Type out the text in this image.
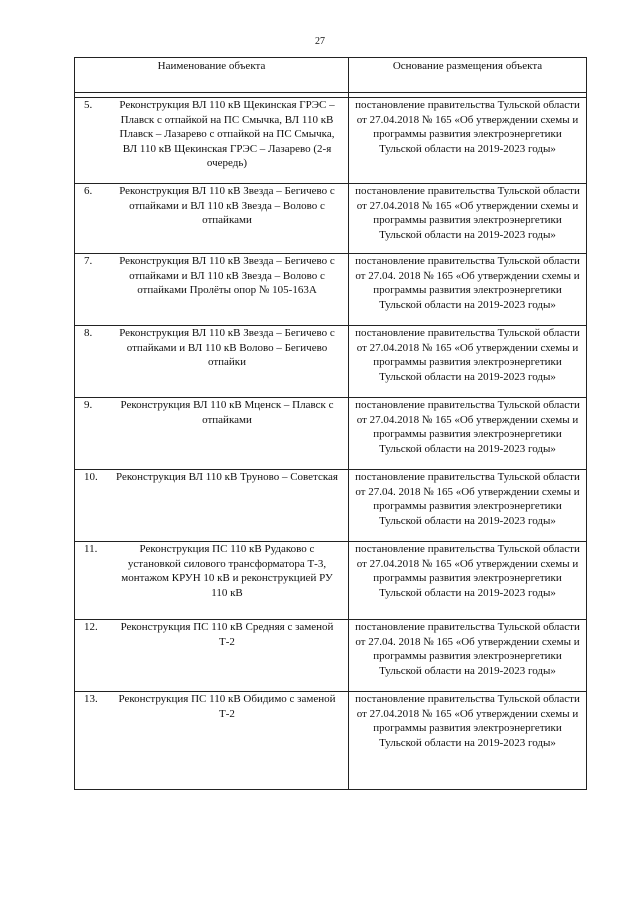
27
Наименование объекта	Основание размещения объекта

5. Реконструкция ВЛ 110 кВ Щекинская ГРЭС – Плавск с отпайкой на ПС Смычка, ВЛ 110 кВ Плавск – Лазарево с отпайкой на ПС Смычка, ВЛ 110 кВ Щекинская ГРЭС – Лазарево (2-я очередь)	постановление правительства Тульской области от 27.04.2018 № 165 «Об утверждении схемы и программы развития электроэнергетики Тульской области на 2019-2023 годы»

6. Реконструкция ВЛ 110 кВ Звезда – Бегичево с отпайками и ВЛ 110 кВ Звезда – Волово с отпайками	постановление правительства Тульской области от 27.04.2018 № 165 «Об утверждении схемы и программы развития электроэнергетики Тульской области на 2019-2023 годы»

7. Реконструкция ВЛ 110 кВ Звезда – Бегичево с отпайками и ВЛ 110 кВ Звезда – Волово с отпайками Пролёты опор № 105-163А	постановление правительства Тульской области от 27.04. 2018 № 165 «Об утверждении схемы и программы развития электроэнергетики Тульской области на 2019-2023 годы»

8. Реконструкция ВЛ 110 кВ Звезда – Бегичево с отпайками и ВЛ 110 кВ Волово – Бегичево отпайки	постановление правительства Тульской области от 27.04.2018 № 165 «Об утверждении схемы и программы развития электроэнергетики Тульской области на 2019-2023 годы»

9. Реконструкция ВЛ 110 кВ Мценск – Плавск с отпайками	постановление правительства Тульской области от 27.04.2018 № 165 «Об утверждении схемы и программы развития электроэнергетики Тульской области на 2019-2023 годы»

10. Реконструкция ВЛ 110 кВ Труново – Советская	постановление правительства Тульской области от 27.04. 2018 № 165 «Об утверждении схемы и программы развития электроэнергетики Тульской области на 2019-2023 годы»

11. Реконструкция ПС 110 кВ Рудаково с установкой силового трансформатора Т-3, монтажом КРУН 10 кВ и реконструкцией РУ 110 кВ	постановление правительства Тульской области от 27.04.2018 № 165 «Об утверждении схемы и программы развития электроэнергетики Тульской области на 2019-2023 годы»

12. Реконструкция ПС 110 кВ Средняя с заменой Т-2	постановление правительства Тульской области от 27.04. 2018 № 165 «Об утверждении схемы и программы развития электроэнергетики Тульской области на 2019-2023 годы»

13. Реконструкция ПС 110 кВ Обидимо с заменой Т-2	постановление правительства Тульской области от 27.04.2018 № 165 «Об утверждении схемы и программы развития электроэнергетики Тульской области на 2019-2023 годы»
